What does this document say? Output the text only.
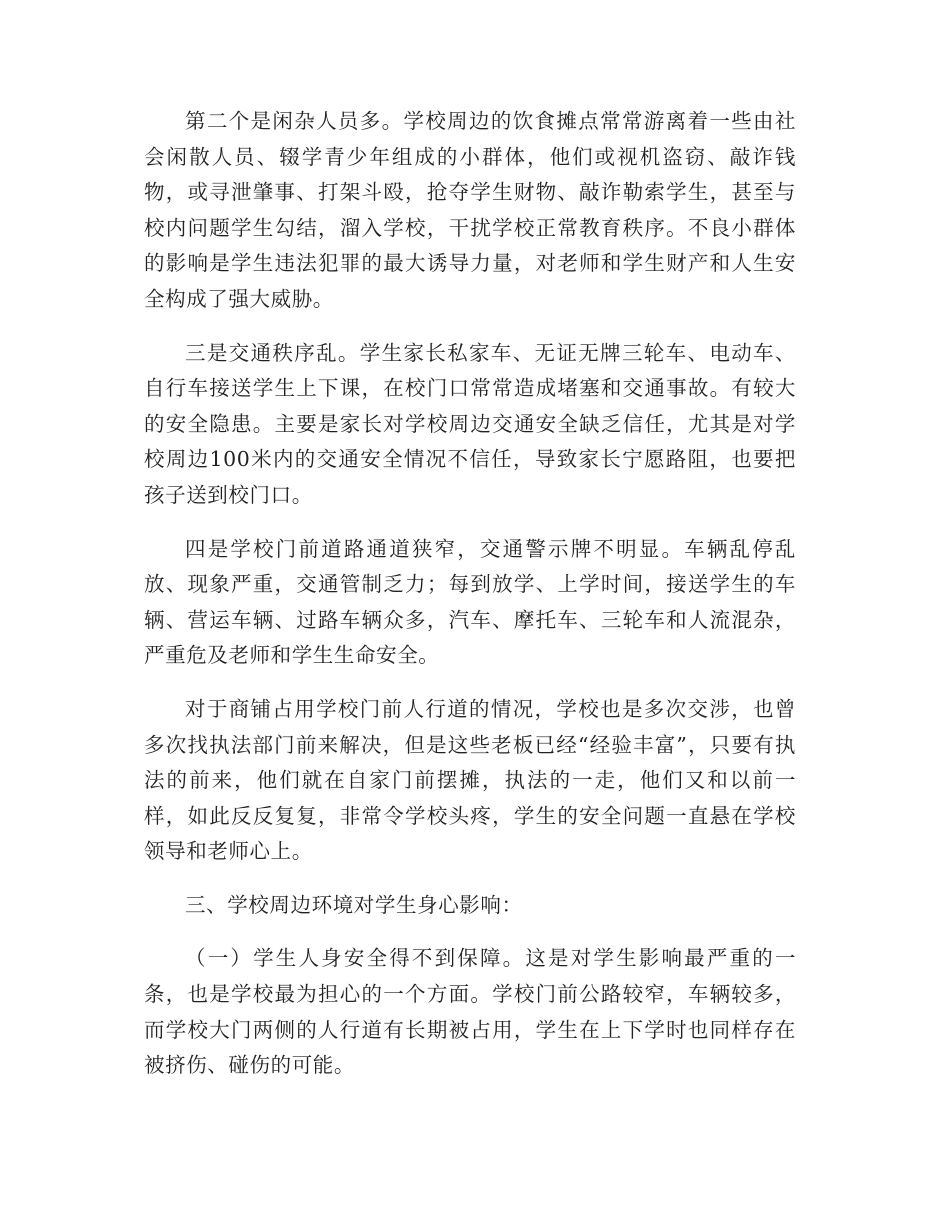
第二个是闲杂人员多。学校周边的饮食摊点常常游离着一些由社会闲散人员、辍学青少年组成的小群体，他们或视机盗窃、敲诈钱物，或寻泄肇事、打架斗殴，抢夺学生财物、敲诈勒索学生，甚至与校内问题学生勾结，溜入学校，干扰学校正常教育秩序。不良小群体的影响是学生违法犯罪的最大诱导力量，对老师和学生财产和人生安全构成了强大威胁。

三是交通秩序乱。学生家长私家车、无证无牌三轮车、电动车、自行车接送学生上下课，在校门口常常造成堵塞和交通事故。有较大的安全隐患。主要是家长对学校周边交通安全缺乏信任，尤其是对学校周边100米内的交通安全情况不信任，导致家长宁愿路阻，也要把孩子送到校门口。

四是学校门前道路通道狭窄，交通警示牌不明显。车辆乱停乱放、现象严重，交通管制乏力；每到放学、上学时间，接送学生的车辆、营运车辆、过路车辆众多，汽车、摩托车、三轮车和人流混杂，严重危及老师和学生生命安全。

对于商铺占用学校门前人行道的情况，学校也是多次交涉，也曾多次找执法部门前来解决，但是这些老板已经“经验丰富”，只要有执法的前来，他们就在自家门前摆摊，执法的一走，他们又和以前一样，如此反反复复，非常令学校头疼，学生的安全问题一直悬在学校领导和老师心上。

三、学校周边环境对学生身心影响：

（一）学生人身安全得不到保障。这是对学生影响最严重的一条，也是学校最为担心的一个方面。学校门前公路较窄，车辆较多，而学校大门两侧的人行道有长期被占用，学生在上下学时也同样存在被挤伤、碰伤的可能。
